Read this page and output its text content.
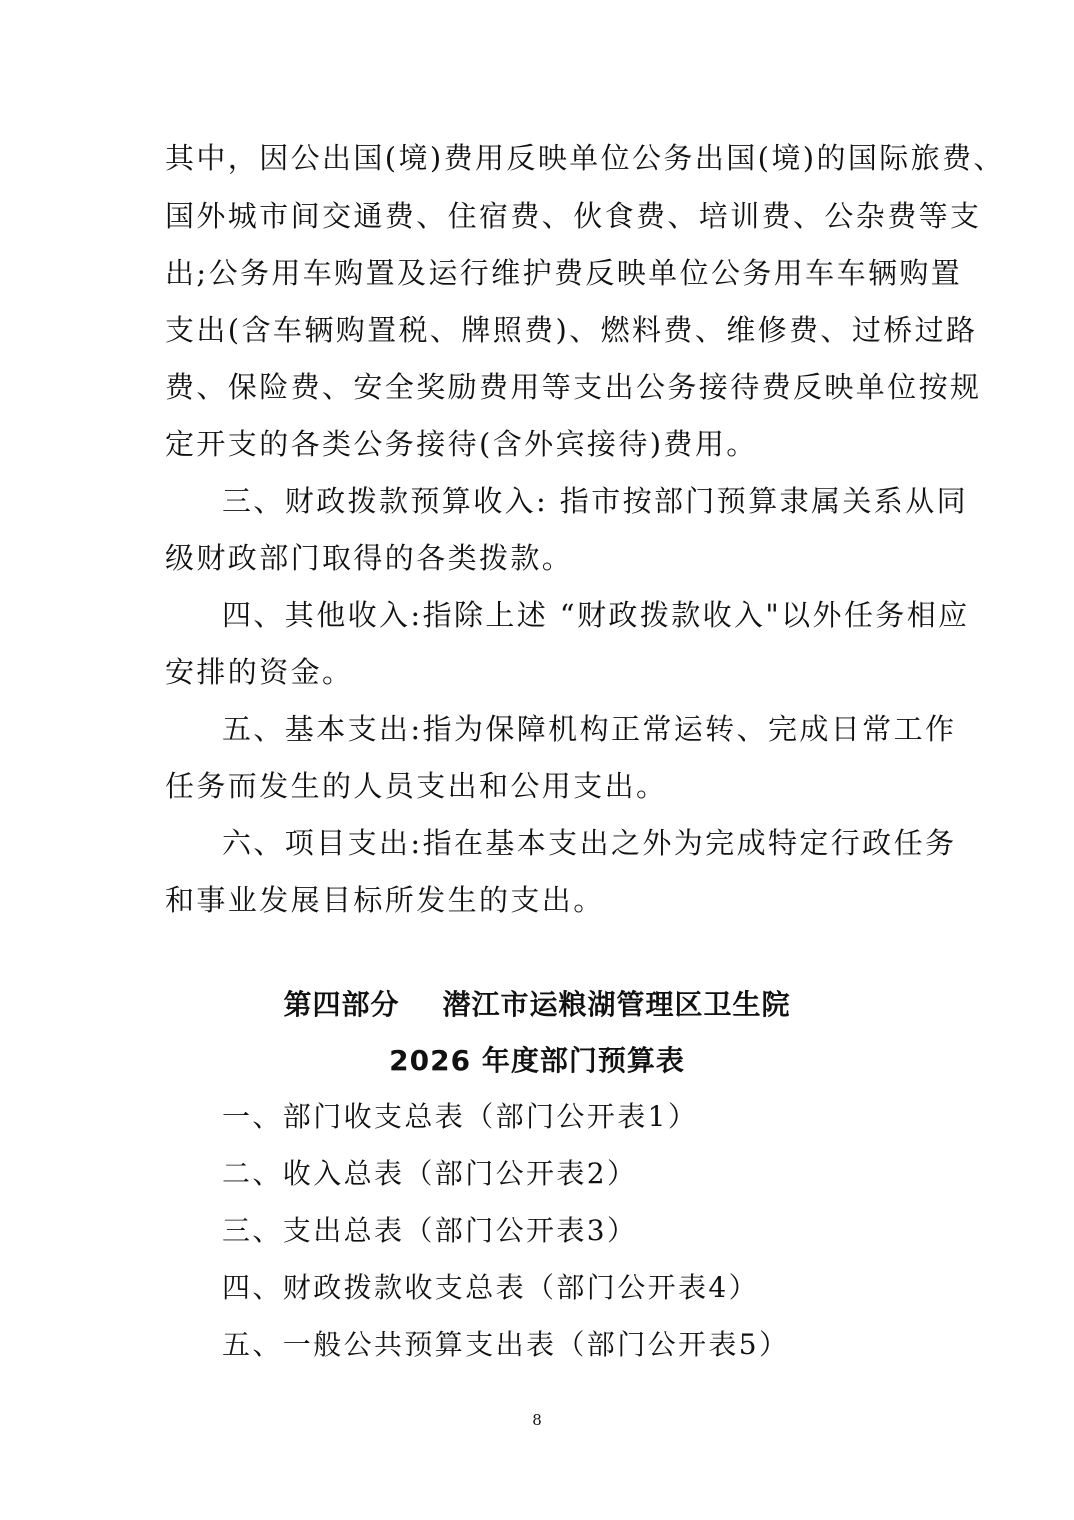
其中，因公出国(境)费用反映单位公务出国(境)的国际旅费、
国外城市间交通费、住宿费、伙食费、培训费、公杂费等支
出;公务用车购置及运行维护费反映单位公务用车车辆购置
支出(含车辆购置税、牌照费)、燃料费、维修费、过桥过路
费、保险费、安全奖励费用等支出公务接待费反映单位按规
定开支的各类公务接待(含外宾接待)费用。
三、财政拨款预算收入: 指市按部门预算隶属关系从同
级财政部门取得的各类拨款。
四、其他收入:指除上述 “财政拨款收入"以外任务相应
安排的资金。
五、基本支出:指为保障机构正常运转、完成日常工作
任务而发生的人员支出和公用支出。
六、项目支出:指在基本支出之外为完成特定行政任务
和事业发展目标所发生的支出。
第四部分    潜江市运粮湖管理区卫生院
2026 年度部门预算表
一、部门收支总表（部门公开表1）
二、收入总表（部门公开表2）
三、支出总表（部门公开表3）
四、财政拨款收支总表（部门公开表4）
五、一般公共预算支出表（部门公开表5）
8
